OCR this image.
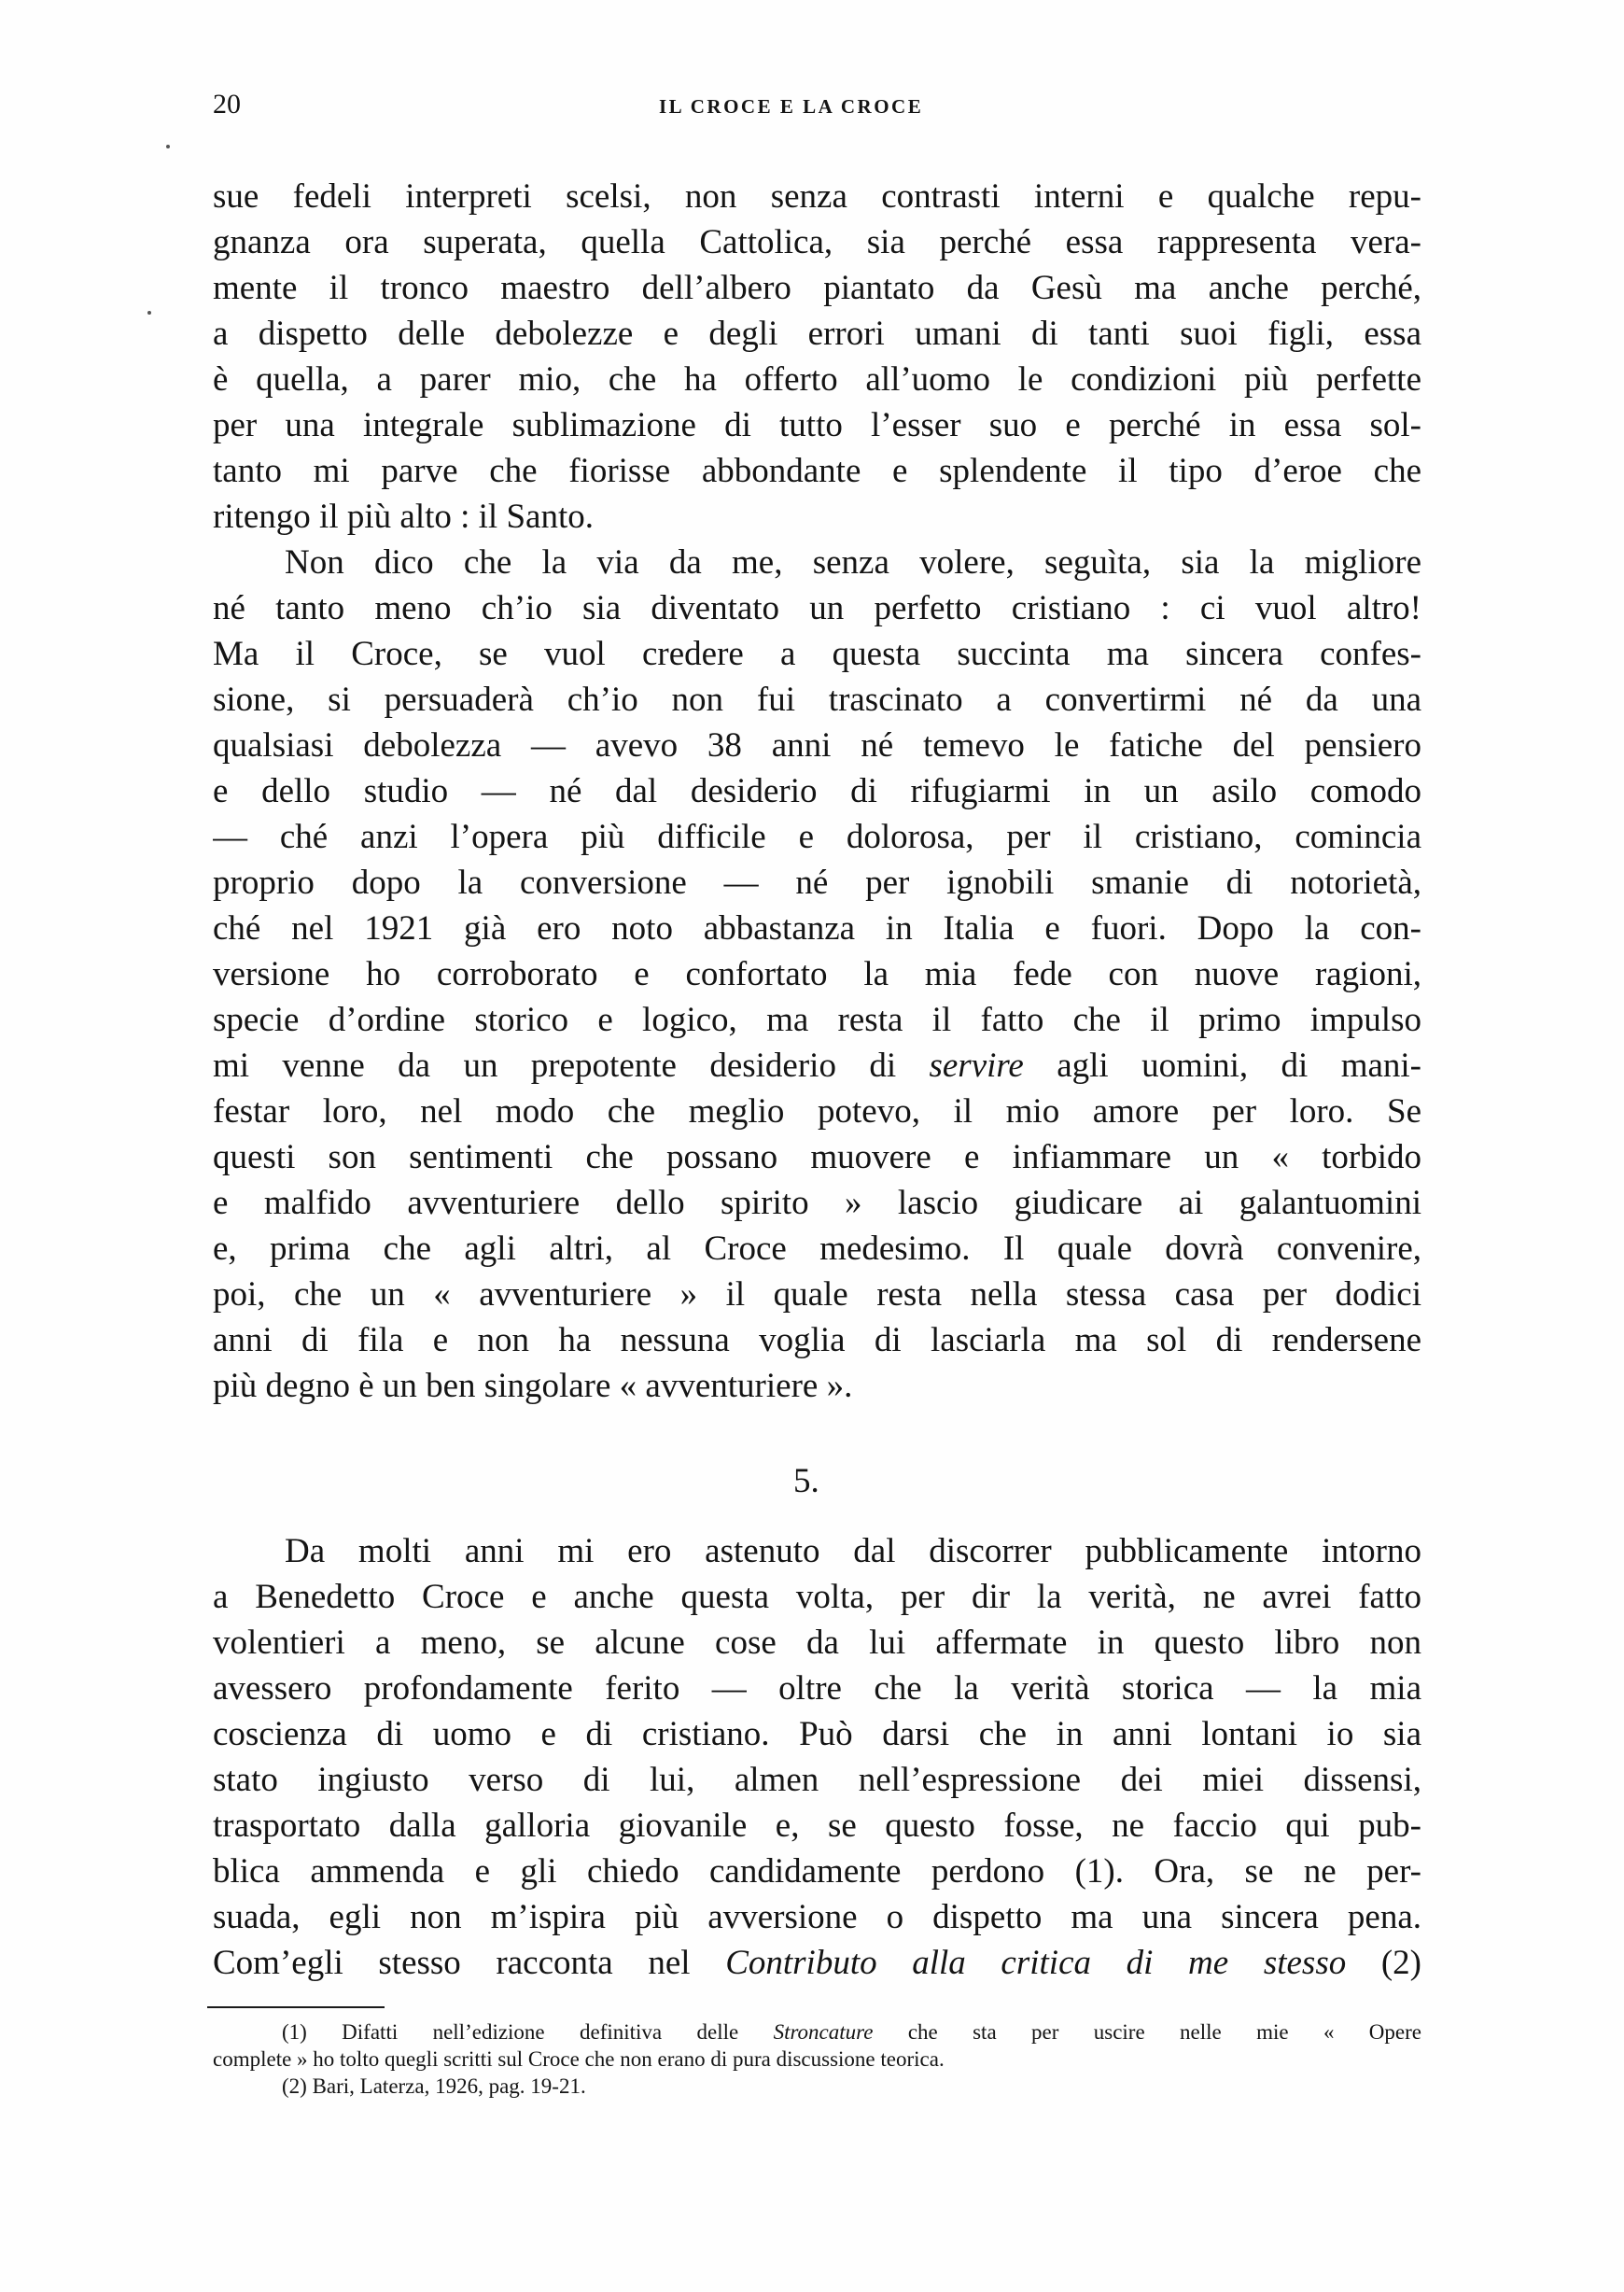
20	IL CROCE E LA CROCE
sue fedeli interpreti scelsi, non senza contrasti interni e qualche repu-
gnanza ora superata, quella Cattolica, sia perché essa rappresenta vera-
mente il tronco maestro dell’albero piantato da Gesù ma anche perché,
a dispetto delle debolezze e degli errori umani di tanti suoi figli, essa
è quella, a parer mio, che ha offerto all’uomo le condizioni più perfette
per una integrale sublimazione di tutto l’esser suo e perché in essa sol-
tanto mi parve che fiorisse abbondante e splendente il tipo d’eroe che
ritengo il più alto : il Santo.
Non dico che la via da me, senza volere, seguìta, sia la migliore
né tanto meno ch’io sia diventato un perfetto cristiano : ci vuol altro!
Ma il Croce, se vuol credere a questa succinta ma sincera confes-
sione, si persuaderà ch’io non fui trascinato a convertirmi né da una
qualsiasi debolezza — avevo 38 anni né temevo le fatiche del pensiero
e dello studio — né dal desiderio di rifugiarmi in un asilo comodo
— ché anzi l’opera più difficile e dolorosa, per il cristiano, comincia
proprio dopo la conversione — né per ignobili smanie di notorietà,
ché nel 1921 già ero noto abbastanza in Italia e fuori. Dopo la con-
versione ho corroborato e confortato la mia fede con nuove ragioni,
specie d’ordine storico e logico, ma resta il fatto che il primo impulso
mi venne da un prepotente desiderio di servire agli uomini, di mani-
festar loro, nel modo che meglio potevo, il mio amore per loro. Se
questi son sentimenti che possano muovere e infiammare un « torbido
e malfido avventuriere dello spirito » lascio giudicare ai galantuomini
e, prima che agli altri, al Croce medesimo. Il quale dovrà convenire,
poi, che un « avventuriere » il quale resta nella stessa casa per dodici
anni di fila e non ha nessuna voglia di lasciarla ma sol di rendersene
più degno è un ben singolare « avventuriere ».
5.
Da molti anni mi ero astenuto dal discorrer pubblicamente intorno
a Benedetto Croce e anche questa volta, per dir la verità, ne avrei fatto
volentieri a meno, se alcune cose da lui affermate in questo libro non
avessero profondamente ferito — oltre che la verità storica — la mia
coscienza di uomo e di cristiano. Può darsi che in anni lontani io sia
stato ingiusto verso di lui, almen nell’espressione dei miei dissensi,
trasportato dalla galloria giovanile e, se questo fosse, ne faccio qui pub-
blica ammenda e gli chiedo candidamente perdono (1). Ora, se ne per-
suada, egli non m’ispira più avversione o dispetto ma una sincera pena.
Com’egli stesso racconta nel Contributo alla critica di me stesso (2)
(1) Difatti nell’edizione definitiva delle Stroncature che sta per uscire nelle mie « Opere
complete » ho tolto quegli scritti sul Croce che non erano di pura discussione teorica.
(2) Bari, Laterza, 1926, pag. 19-21.
